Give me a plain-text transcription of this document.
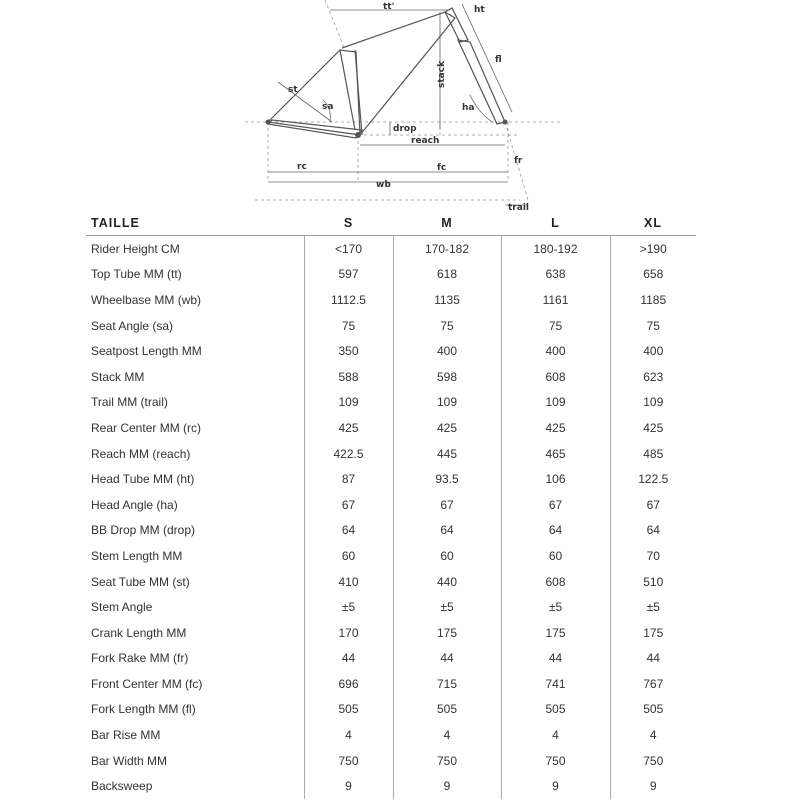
tt'	ht
fl
st
stack
sa	ha
drop
reach
rc	fc
fr
wb
trail
TAILLE	S	M	L	XL
Rider Height CM	<170	170-182	180-192	>190
Top Tube MM (tt)	597	618	638	658
Wheelbase MM (wb)	1112.5	1135	1161	1185
Seat Angle (sa)	75	75	75	75
Seatpost Length MM	350	400	400	400
Stack MM	588	598	608	623
Trail MM (trail)	109	109	109	109
Rear Center MM (rc)	425	425	425	425
Reach MM (reach)	422.5	445	465	485
Head Tube MM (ht)	87	93.5	106	122.5
Head Angle (ha)	67	67	67	67
BB Drop MM (drop)	64	64	64	64
Stem Length MM	60	60	60	70
Seat Tube MM (st)	410	440	608	510
Stem Angle	±5	±5	±5	±5
Crank Length MM	170	175	175	175
Fork Rake MM (fr)	44	44	44	44
Front Center MM (fc)	696	715	741	767
Fork Length MM (fl)	505	505	505	505
Bar Rise MM	4	4	4	4
Bar Width MM	750	750	750	750
Backsweep	9	9	9	9
